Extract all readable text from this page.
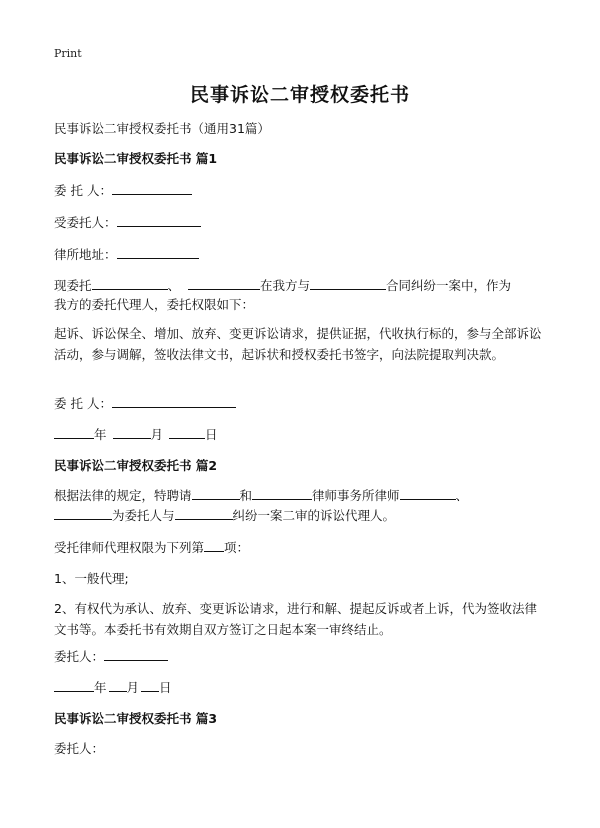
Print
民事诉讼二审授权委托书
民事诉讼二审授权委托书（通用31篇）
民事诉讼二审授权委托书 篇1
委 托 人：
受委托人：
律所地址：
现委托	、	在我方与	合同纠纷一案中，作为
我方的委托代理人，委托权限如下：
起诉、诉讼保全、增加、放弃、变更诉讼请求，提供证据，代收执行标的，参与全部诉讼活动，参与调解，签收法律文书，起诉状和授权委托书签字，向法院提取判决款。
委 托 人：
年	月	日
民事诉讼二审授权委托书 篇2
根据法律的规定，特聘请	和	律师事务所律师	、
为委托人与	纠纷一案二审的诉讼代理人。
受托律师代理权限为下列第 项：
1、一般代理;
2、有权代为承认、放弃、变更诉讼请求，进行和解、提起反诉或者上诉，代为签收法律文书等。本委托书有效期自双方签订之日起本案一审终结止。
委托人：
年 月 日
民事诉讼二审授权委托书 篇3
委托人：
